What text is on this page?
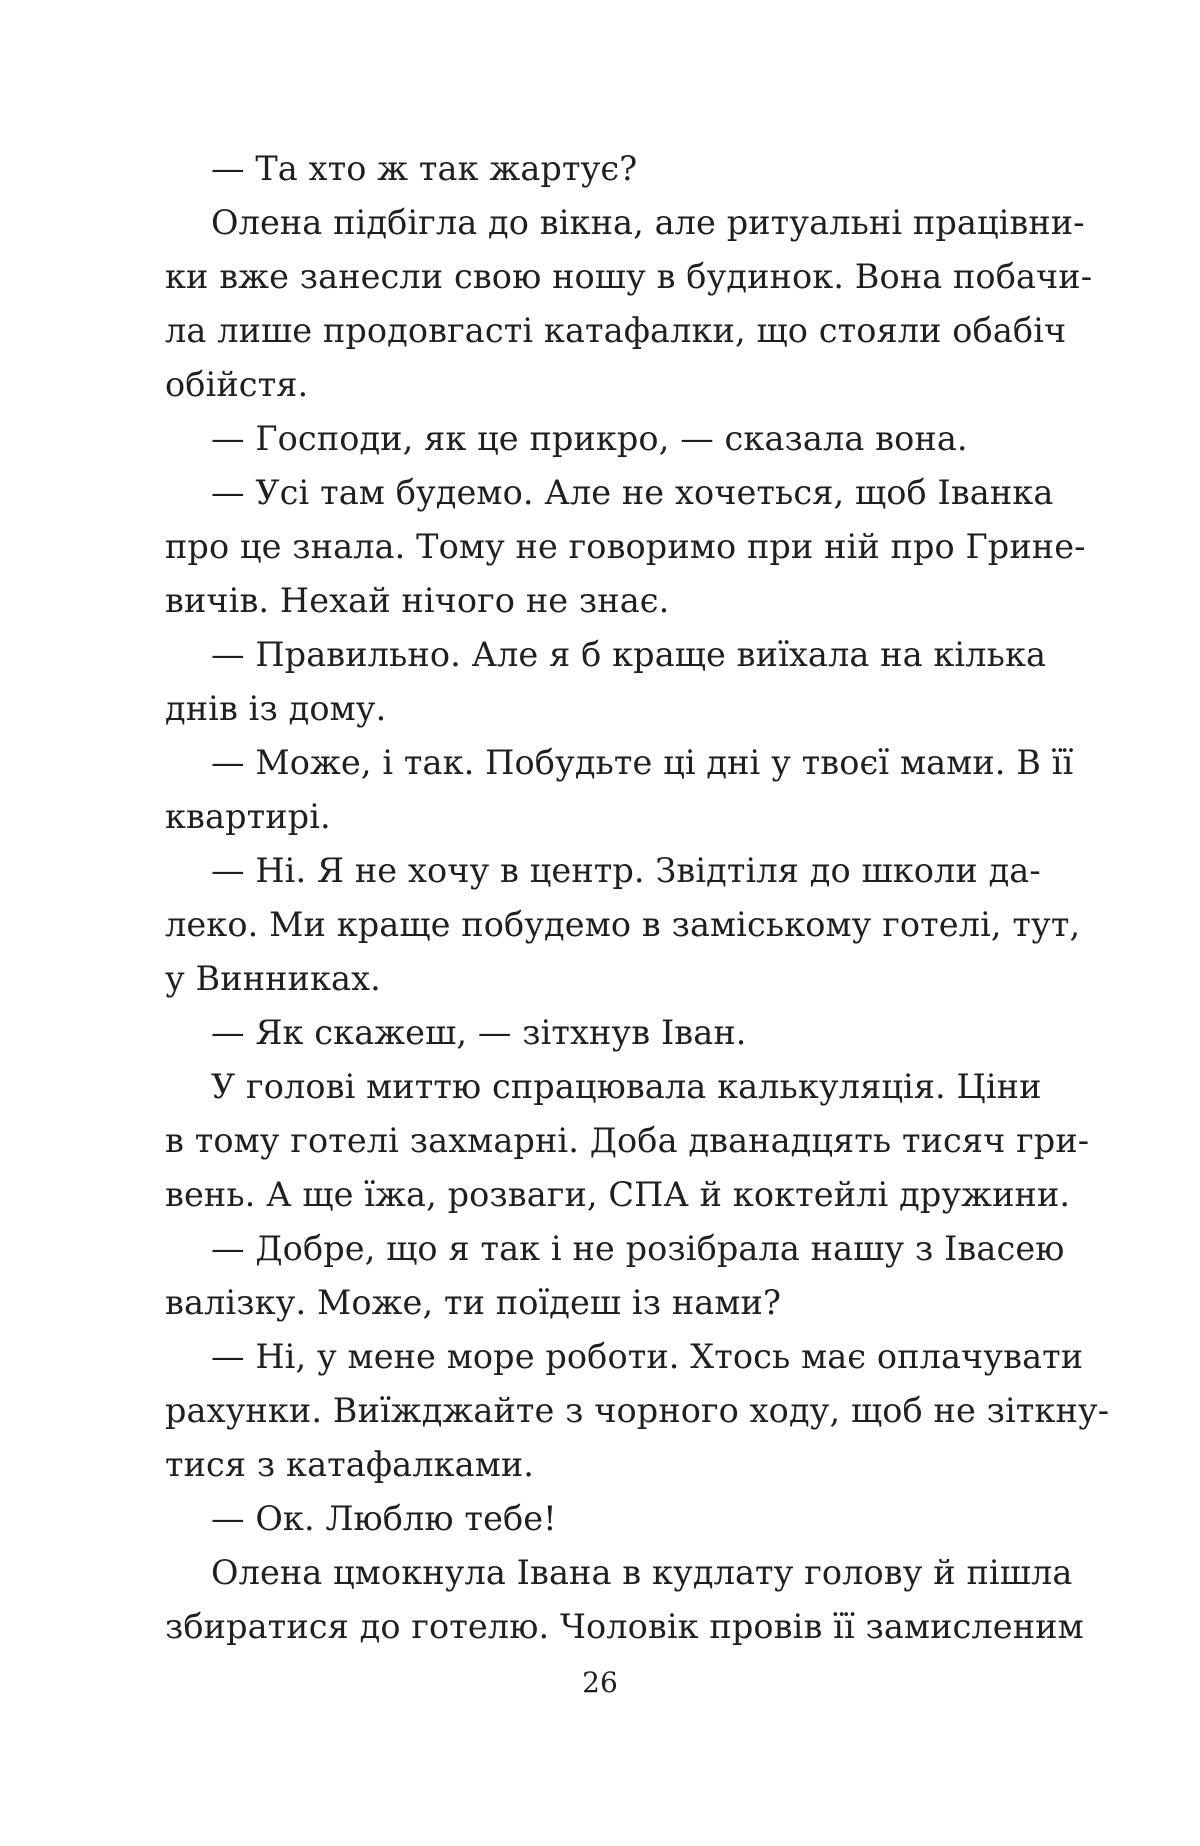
— Та хто ж так жартує?
Олена підбігла до вікна, але ритуальні працівни-
ки вже занесли свою ношу в будинок. Вона побачи-
ла лише продовгасті катафалки, що стояли обабіч
обійстя.
— Господи, як це прикро, — сказала вона.
— Усі там будемо. Але не хочеться, щоб Іванка
про це знала. Тому не говоримо при ній про Грине-
вичів. Нехай нічого не знає.
— Правильно. Але я б краще виїхала на кілька
днів із дому.
— Може, і так. Побудьте ці дні у твоєї мами. В її
квартирі.
— Ні. Я не хочу в центр. Звідтіля до школи да-
леко. Ми краще побудемо в заміському готелі, тут,
у Винниках.
— Як скажеш, — зітхнув Іван.
У голові миттю спрацювала калькуляція. Ціни
в тому готелі захмарні. Доба дванадцять тисяч гри-
вень. А ще їжа, розваги, СПА й коктейлі дружини.
— Добре, що я так і не розібрала нашу з Івасею
валізку. Може, ти поїдеш із нами?
— Ні, у мене море роботи. Хтось має оплачувати
рахунки. Виїжджайте з чорного ходу, щоб не зіткну-
тися з катафалками.
— Ок. Люблю тебе!
Олена цмокнула Івана в кудлату голову й пішла
збиратися до готелю. Чоловік провів її замисленим
26
